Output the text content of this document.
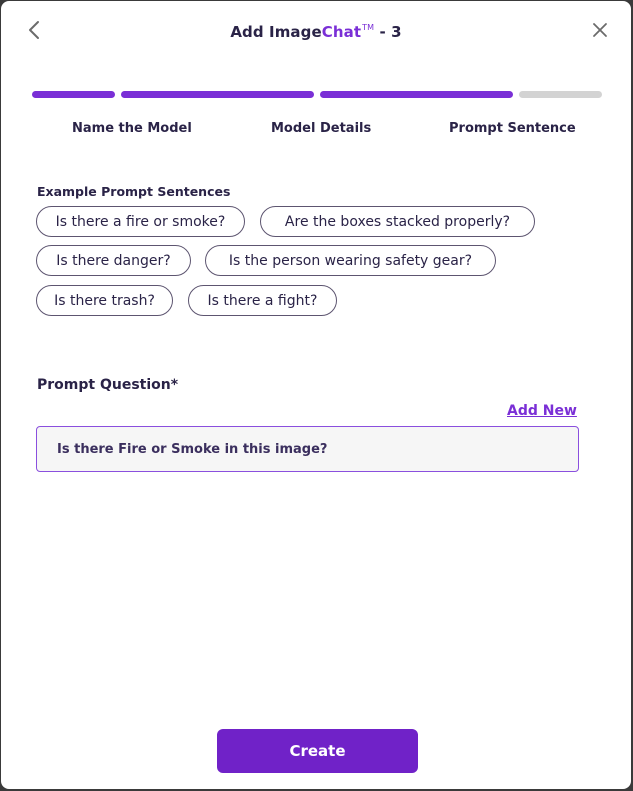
Add ImageChat™ - 3
Name the Model	Model Details	Prompt Sentence
Example Prompt Sentences
Is there a fire or smoke?	Are the boxes stacked properly?
Is there danger?	Is the person wearing safety gear?
Is there trash?	Is there a fight?
Prompt Question*
Add New
Is there Fire or Smoke in this image?
Create
